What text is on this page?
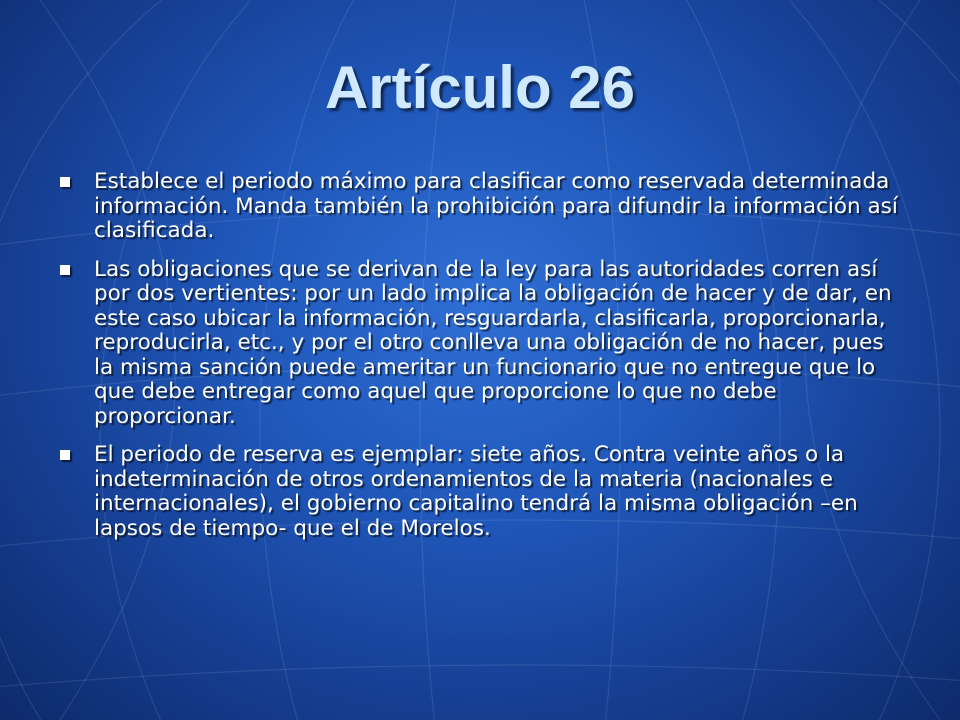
Artículo 26
Establece el periodo máximo para clasificar como reservada determinada información. Manda también la prohibición para difundir la información así clasificada.
Las obligaciones que se derivan de la ley para las autoridades corren así por dos vertientes: por un lado implica la obligación de hacer y de dar, en este caso ubicar la información, resguardarla, clasificarla, proporcionarla, reproducirla, etc., y por el otro conlleva una obligación de no hacer, pues la misma sanción puede ameritar un funcionario que no entregue que lo que debe entregar como aquel que proporcione lo que no debe proporcionar.
El periodo de reserva es ejemplar: siete años. Contra veinte años o la indeterminación de otros ordenamientos de la materia (nacionales e internacionales), el gobierno capitalino tendrá la misma obligación –en lapsos de tiempo- que el de Morelos.
